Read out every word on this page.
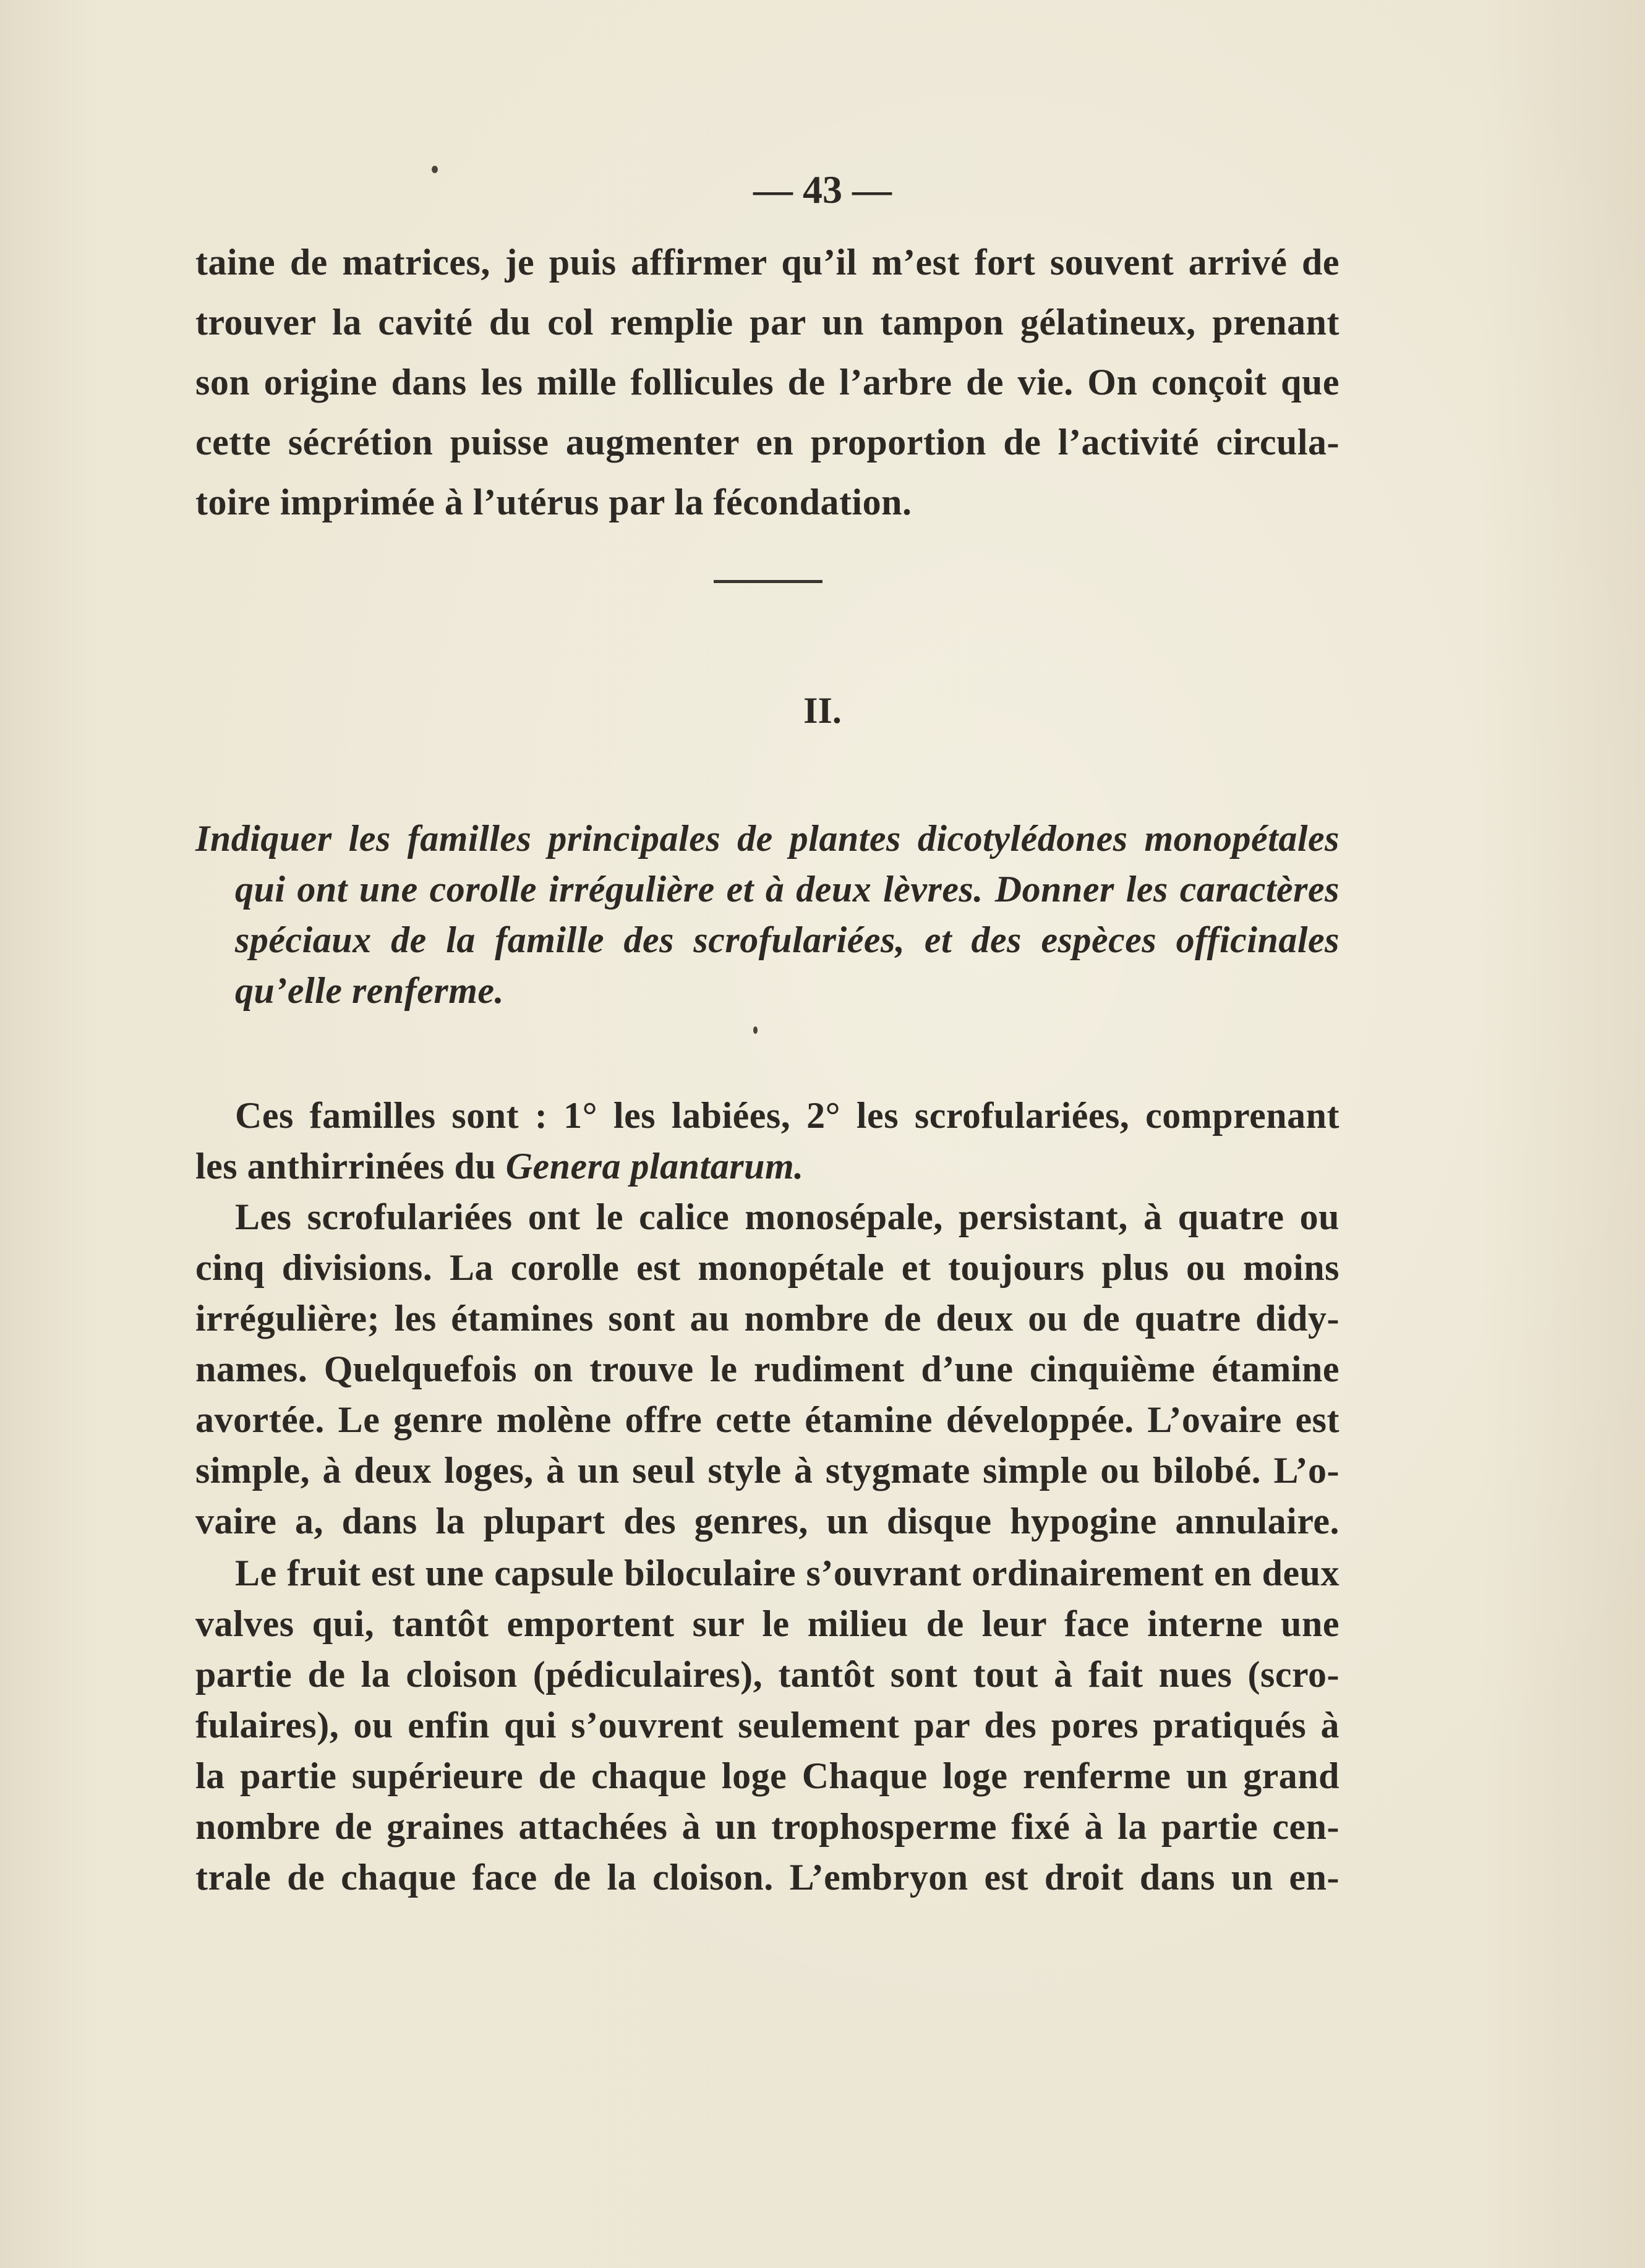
— 43 —
taine de matrices, je puis affirmer qu’il m’est fort souvent arrivé de
trouver la cavité du col remplie par un tampon gélatineux, prenant
son origine dans les mille follicules de l’arbre de vie. On conçoit que
cette sécrétion puisse augmenter en proportion de l’activité circula-
toire imprimée à l’utérus par la fécondation.
II.
Indiquer les familles principales de plantes dicotylédones monopétales
qui ont une corolle irrégulière et à deux lèvres. Donner les caractères
spéciaux de la famille des scrofulariées, et des espèces officinales
qu’elle renferme.
Ces familles sont : 1° les labiées, 2° les scrofulariées, comprenant
les anthirrinées du Genera plantarum.
Les scrofulariées ont le calice monosépale, persistant, à quatre ou
cinq divisions. La corolle est monopétale et toujours plus ou moins
irrégulière; les étamines sont au nombre de deux ou de quatre didy-
names. Quelquefois on trouve le rudiment d’une cinquième étamine
avortée. Le genre molène offre cette étamine développée. L’ovaire est
simple, à deux loges, à un seul style à stygmate simple ou bilobé. L’o-
vaire a, dans la plupart des genres, un disque hypogine annulaire.
Le fruit est une capsule biloculaire s’ouvrant ordinairement en deux
valves qui, tantôt emportent sur le milieu de leur face interne une
partie de la cloison (pédiculaires), tantôt sont tout à fait nues (scro-
fulaires), ou enfin qui s’ouvrent seulement par des pores pratiqués à
la partie supérieure de chaque loge Chaque loge renferme un grand
nombre de graines attachées à un trophosperme fixé à la partie cen-
trale de chaque face de la cloison. L’embryon est droit dans un en-
